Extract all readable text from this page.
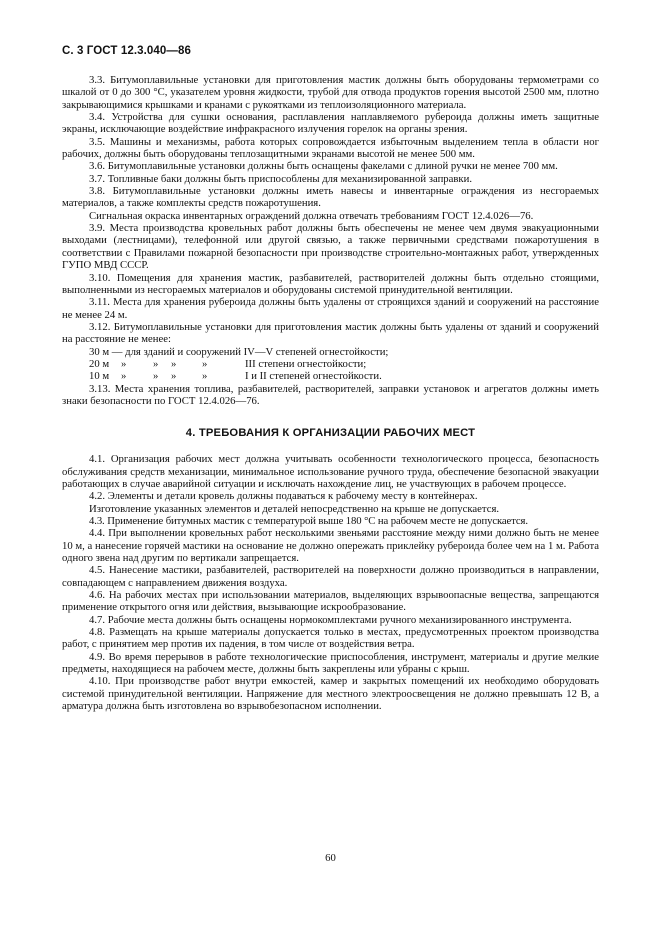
С. 3 ГОСТ 12.3.040—86

3.3. Битумоплавильные установки для приготовления мастик должны быть оборудованы термометрами со шкалой от 0 до 300 °С, указателем уровня жидкости, трубой для отвода продуктов горения высотой 2500 мм, плотно закрывающимися крышками и кранами с рукоятками из теплоизоляционного материала.

3.4. Устройства для сушки основания, расплавления наплавляемого рубероида должны иметь защитные экраны, исключающие воздействие инфракрасного излучения горелок на органы зрения.

3.5. Машины и механизмы, работа которых сопровождается избыточным выделением тепла в области ног рабочих, должны быть оборудованы теплозащитными экранами высотой не менее 500 мм.

3.6. Битумоплавильные установки должны быть оснащены факелами с длиной ручки не менее 700 мм.

3.7. Топливные баки должны быть приспособлены для механизированной заправки.

3.8. Битумоплавильные установки должны иметь навесы и инвентарные ограждения из несгораемых материалов, а также комплекты средств пожаротушения.

Сигнальная окраска инвентарных ограждений должна отвечать требованиям ГОСТ 12.4.026—76.

3.9. Места производства кровельных работ должны быть обеспечены не менее чем двумя эвакуационными выходами (лестницами), телефонной или другой связью, а также первичными средствами пожаротушения в соответствии с Правилами пожарной безопасности при производстве строительно-монтажных работ, утвержденных ГУПО МВД СССР.

3.10. Помещения для хранения мастик, разбавителей, растворителей должны быть отдельно стоящими, выполненными из несгораемых материалов и оборудованы системой принудительной вентиляции.

3.11. Места для хранения рубероида должны быть удалены от строящихся зданий и сооружений на расстояние не менее 24 м.

3.12. Битумоплавильные установки для приготовления мастик должны быть удалены от зданий и сооружений на расстояние не менее:

30 м — для зданий и сооружений IV—V степеней огнестойкости;

20 м

»

»

»

»

	III степени огнестойкости;

10 м

»

»

»

»

	I и II степеней огнестойкости.

3.13. Места хранения топлива, разбавителей, растворителей, заправки установок и агрегатов должны иметь знаки безопасности по ГОСТ 12.4.026—76.

4. ТРЕБОВАНИЯ К ОРГАНИЗАЦИИ РАБОЧИХ МЕСТ

4.1. Организация рабочих мест должна учитывать особенности технологического процесса, безопасность обслуживания средств механизации, минимальное использование ручного труда, обеспечение безопасной эвакуации работающих в случае аварийной ситуации и исключать нахождение лиц, не участвующих в рабочем процессе.

4.2. Элементы и детали кровель должны подаваться к рабочему месту в контейнерах.

Изготовление указанных элементов и деталей непосредственно на крыше не допускается.

4.3. Применение битумных мастик с температурой выше 180 °С на рабочем месте не допускается.

4.4. При выполнении кровельных работ несколькими звеньями расстояние между ними должно быть не менее 10 м, а нанесение горячей мастики на основание не должно опережать приклейку рубероида более чем на 1 м. Работа одного звена над другим по вертикали запрещается.

4.5. Нанесение мастики, разбавителей, растворителей на поверхности должно производиться в направлении, совпадающем с направлением движения воздуха.

4.6. На рабочих местах при использовании материалов, выделяющих взрывоопасные вещества, запрещаются применение открытого огня или действия, вызывающие искрообразование.

4.7. Рабочие места должны быть оснащены нормокомплектами ручного механизированного инструмента.

4.8. Размещать на крыше материалы допускается только в местах, предусмотренных проектом производства работ, с принятием мер против их падения, в том числе от воздействия ветра.

4.9. Во время перерывов в работе технологические приспособления, инструмент, материалы и другие мелкие предметы, находящиеся на рабочем месте, должны быть закреплены или убраны с крыш.

4.10. При производстве работ внутри емкостей, камер и закрытых помещений их необходимо оборудовать системой принудительной вентиляции. Напряжение для местного электроосвещения не должно превышать 12 В, а арматура должна быть изготовлена во взрывобезопасном исполнении.

60
